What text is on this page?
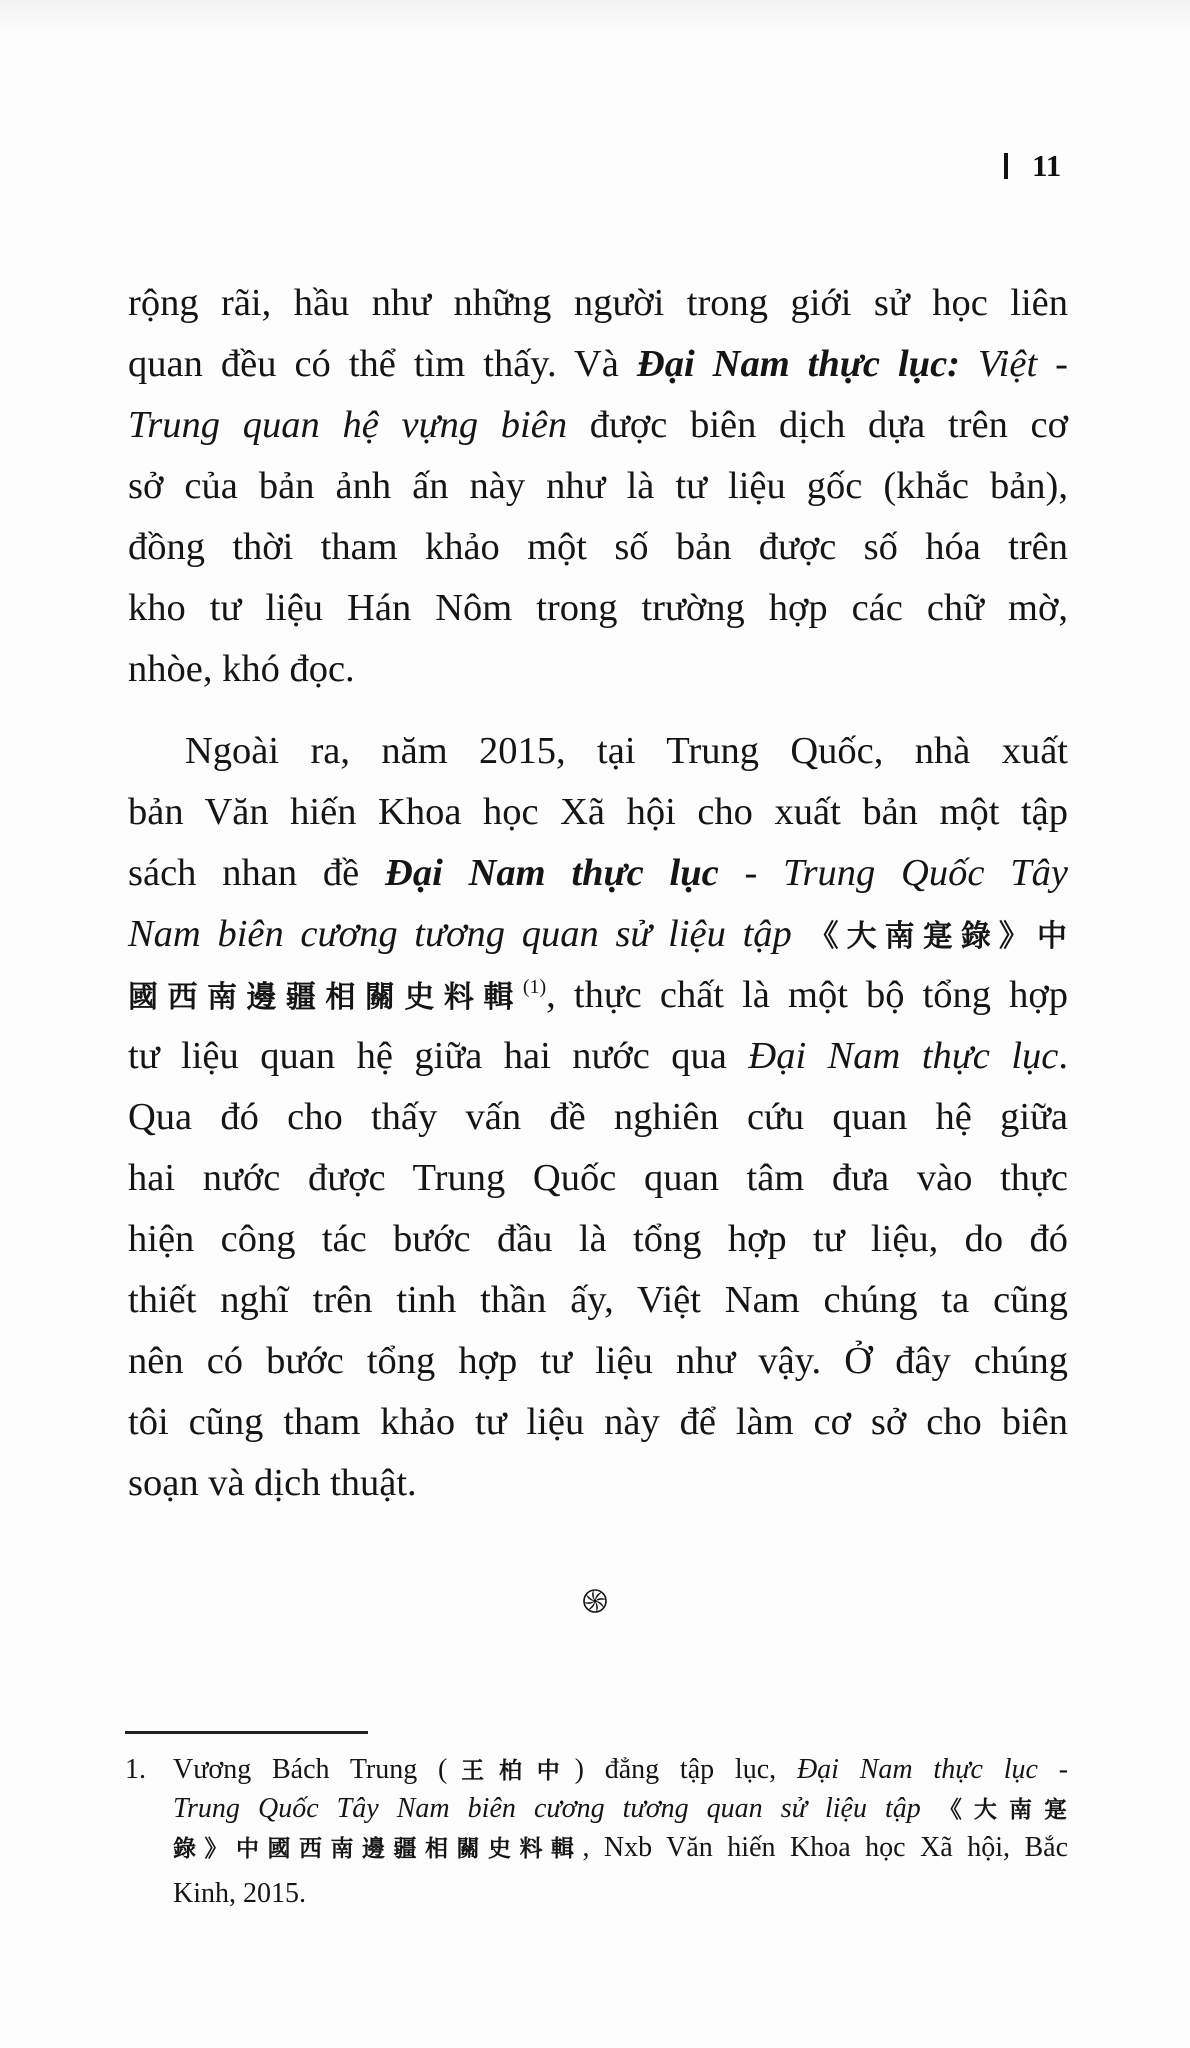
11
rộng rãi, hầu như những người trong giới sử học liên
quan đều có thể tìm thấy. Và Đại Nam thực lục: Việt -
Trung quan hệ vựng biên được biên dịch dựa trên cơ
sở của bản ảnh ấn này như là tư liệu gốc (khắc bản),
đồng thời tham khảo một số bản được số hóa trên
kho tư liệu Hán Nôm trong trường hợp các chữ mờ,
nhòe, khó đọc.
Ngoài ra, năm 2015, tại Trung Quốc, nhà xuất
bản Văn hiến Khoa học Xã hội cho xuất bản một tập
sách nhan đề Đại Nam thực lục - Trung Quốc Tây
Nam biên cương tương quan sử liệu tập 《大南寔錄》中
國西南邊疆相關史料輯$^{(1)}$, thực chất là một bộ tổng hợp
tư liệu quan hệ giữa hai nước qua Đại Nam thực lục.
Qua đó cho thấy vấn đề nghiên cứu quan hệ giữa
hai nước được Trung Quốc quan tâm đưa vào thực
hiện công tác bước đầu là tổng hợp tư liệu, do đó
thiết nghĩ trên tinh thần ấy, Việt Nam chúng ta cũng
nên có bước tổng hợp tư liệu như vậy. Ở đây chúng
tôi cũng tham khảo tư liệu này để làm cơ sở cho biên
soạn và dịch thuật.
1. Vương Bách Trung (王柏中) đẳng tập lục, Đại Nam thực lục -
Trung Quốc Tây Nam biên cương tương quan sử liệu tập 《大南寔
錄》中國西南邊疆相關史料輯, Nxb Văn hiến Khoa học Xã hội, Bắc
Kinh, 2015.
